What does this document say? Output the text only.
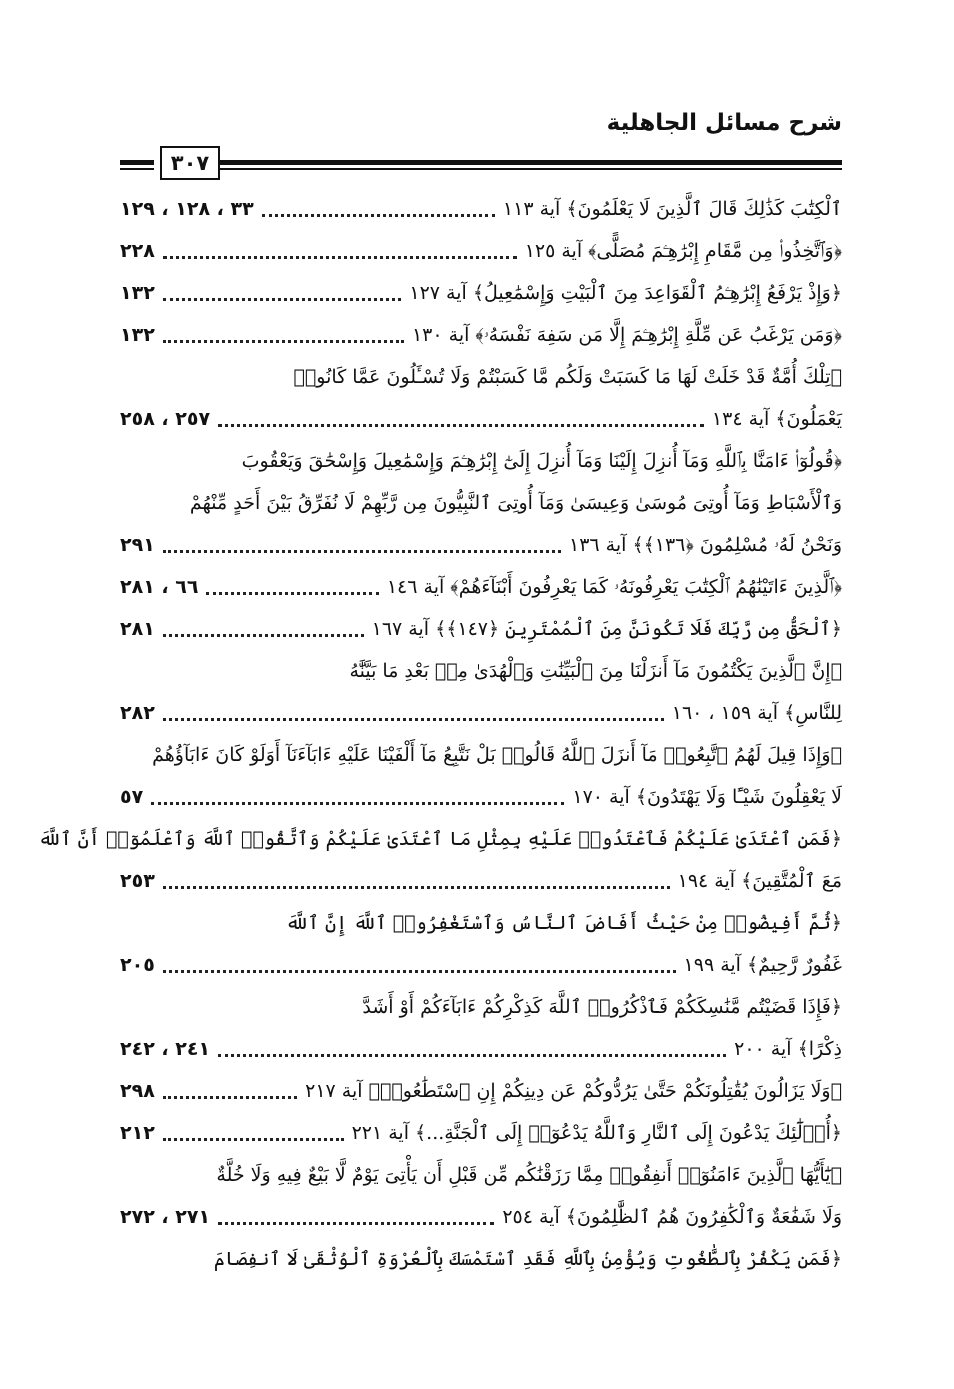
شرح مسائل الجاهلية
٣٠٧
ٱلْكِتَٰبَ كَذَٰلِكَ قَالَ ٱلَّذِينَ لَا يَعْلَمُونَ﴾ آية ١١٣
٣٣ ، ١٢٨ ، ١٢٩
﴿وَٱتَّخِذُوا۟ مِن مَّقَامِ إِبْرَٰهِـۧمَ مُصَلًّى﴾ آية ١٢٥
٢٢٨
﴿وَإِذْ يَرْفَعُ إِبْرَٰهِـۧمُ ٱلْقَوَاعِدَ مِنَ ٱلْبَيْتِ وَإِسْمَٰعِيلُ﴾ آية ١٢٧
١٣٢
﴿وَمَن يَرْغَبُ عَن مِّلَّةِ إِبْرَٰهِـۧمَ إِلَّا مَن سَفِهَ نَفْسَهُۥ﴾ آية ١٣٠
١٣٢
﴿تِلْكَ أُمَّةٌ قَدْ خَلَتْ لَهَا مَا كَسَبَتْ وَلَكُم مَّا كَسَبْتُمْ وَلَا تُسْـَٔلُونَ عَمَّا كَانُوا۟
يَعْمَلُونَ﴾ آية ١٣٤
٢٥٧ ، ٢٥٨
﴿قُولُوٓا۟ ءَامَنَّا بِٱللَّهِ وَمَآ أُنزِلَ إِلَيْنَا وَمَآ أُنزِلَ إِلَىٰٓ إِبْرَٰهِـۧمَ وَإِسْمَٰعِيلَ وَإِسْحَٰقَ وَيَعْقُوبَ
وَٱلْأَسْبَاطِ وَمَآ أُوتِىَ مُوسَىٰ وَعِيسَىٰ وَمَآ أُوتِىَ ٱلنَّبِيُّونَ مِن رَّبِّهِمْ لَا نُفَرِّقُ بَيْنَ أَحَدٍ مِّنْهُمْ
وَنَحْنُ لَهُۥ مُسْلِمُونَ ﴿١٣٦﴾﴾ آية ١٣٦
٢٩١
﴿ٱلَّذِينَ ءَاتَيْنَٰهُمُ ٱلْكِتَٰبَ يَعْرِفُونَهُۥ كَمَا يَعْرِفُونَ أَبْنَآءَهُمْ﴾ آية ١٤٦
٦٦ ، ٢٨١
﴿ٱلْحَقُّ مِن رَّبِّكَ فَلَا تَكُونَنَّ مِنَ ٱلْمُمْتَرِينَ ﴿١٤٧﴾﴾ آية ١٦٧
٢٨١
﴿إِنَّ ٱلَّذِينَ يَكْتُمُونَ مَآ أَنزَلْنَا مِنَ ٱلْبَيِّنَٰتِ وَٱلْهُدَىٰ مِنۢ بَعْدِ مَا بَيَّنَّٰهُ
لِلنَّاسِ﴾ آية ١٥٩ ، ١٦٠
٢٨٢
﴿وَإِذَا قِيلَ لَهُمُ ٱتَّبِعُوا۟ مَآ أَنزَلَ ٱللَّهُ قَالُوا۟ بَلْ نَتَّبِعُ مَآ أَلْفَيْنَا عَلَيْهِ ءَابَآءَنَآ أَوَلَوْ كَانَ ءَابَآؤُهُمْ
لَا يَعْقِلُونَ شَيْـًٔا وَلَا يَهْتَدُونَ﴾ آية ١٧٠
٥٧
﴿فَمَنِ ٱعْتَدَىٰ عَلَيْكُمْ فَٱعْتَدُوا۟ عَلَيْهِ بِمِثْلِ مَا ٱعْتَدَىٰ عَلَيْكُمْ وَٱتَّقُوا۟ ٱللَّهَ وَٱعْلَمُوٓا۟ أَنَّ ٱللَّهَ
مَعَ ٱلْمُتَّقِينَ﴾ آية ١٩٤
٢٥٣
﴿ثُمَّ أَفِيضُوا۟ مِنْ حَيْثُ أَفَاضَ ٱلنَّاسُ وَٱسْتَغْفِرُوا۟ ٱللَّهَ إِنَّ ٱللَّهَ
غَفُورٌ رَّحِيمٌ﴾ آية ١٩٩
٢٠٥
﴿فَإِذَا قَضَيْتُم مَّنَٰسِكَكُمْ فَٱذْكُرُوا۟ ٱللَّهَ كَذِكْرِكُمْ ءَابَآءَكُمْ أَوْ أَشَدَّ
ذِكْرًا﴾ آية ٢٠٠
٢٤١ ، ٢٤٢
﴿وَلَا يَزَالُونَ يُقَٰتِلُونَكُمْ حَتَّىٰ يَرُدُّوكُمْ عَن دِينِكُمْ إِنِ ٱسْتَطَٰعُوا۟﴾ آية ٢١٧
٢٩٨
﴿أُو۟لَٰٓئِكَ يَدْعُونَ إِلَى ٱلنَّارِ وَٱللَّهُ يَدْعُوٓا۟ إِلَى ٱلْجَنَّةِ...﴾ آية ٢٢١
٢١٢
﴿يَٰٓأَيُّهَا ٱلَّذِينَ ءَامَنُوٓا۟ أَنفِقُوا۟ مِمَّا رَزَقْنَٰكُم مِّن قَبْلِ أَن يَأْتِىَ يَوْمٌ لَّا بَيْعٌ فِيهِ وَلَا خُلَّةٌ
وَلَا شَفَٰعَةٌ وَٱلْكَٰفِرُونَ هُمُ ٱلظَّٰلِمُونَ﴾ آية ٢٥٤
٢٧١ ، ٢٧٢
﴿فَمَن يَكْفُرْ بِٱلطَّٰغُوتِ وَيُؤْمِنۢ بِٱللَّهِ فَقَدِ ٱسْتَمْسَكَ بِٱلْعُرْوَةِ ٱلْوُثْقَىٰ لَا ٱنفِصَامَ
